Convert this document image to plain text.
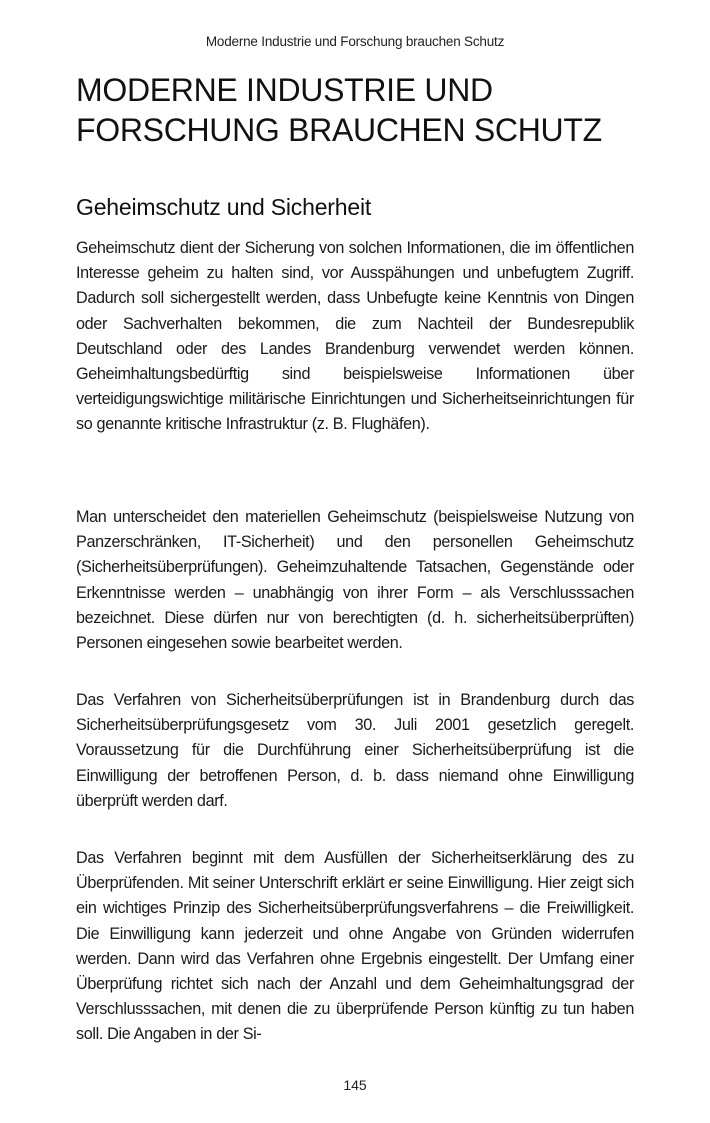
Moderne Industrie und Forschung brauchen Schutz
MODERNE INDUSTRIE UND
FORSCHUNG BRAUCHEN SCHUTZ
Geheimschutz und Sicherheit

Geheimschutz dient der Sicherung von solchen Informationen, die im öffentlichen Interesse geheim zu halten sind, vor Ausspähungen und unbefugtem Zugriff. Dadurch soll sichergestellt werden, dass Unbefugte keine Kenntnis von Dingen oder Sachverhalten bekommen, die zum Nachteil der Bundesrepublik Deutschland oder des Landes Brandenburg verwendet werden können. Geheimhaltungsbedürftig sind beispielsweise Informationen über verteidigungswichtige militärische Einrichtungen und Sicherheitseinrichtungen für so genannte kritische Infrastruktur (z. B. Flughäfen).

Man unterscheidet den materiellen Geheimschutz (beispielsweise Nutzung von Panzerschränken, IT-Sicherheit) und den personellen Geheimschutz (Sicherheitsüberprüfungen). Geheimzuhaltende Tatsachen, Gegenstände oder Erkenntnisse werden – unabhängig von ihrer Form – als Verschlusssachen bezeichnet. Diese dürfen nur von berechtigten (d. h. sicherheitsüberprüften) Personen eingesehen sowie bearbeitet werden.

Das Verfahren von Sicherheitsüberprüfungen ist in Brandenburg durch das Sicherheitsüberprüfungsgesetz vom 30. Juli 2001 gesetzlich geregelt. Voraussetzung für die Durchführung einer Sicherheitsüberprüfung ist die Einwilligung der betroffenen Person, d. b. dass niemand ohne Einwilligung überprüft werden darf.

Das Verfahren beginnt mit dem Ausfüllen der Sicherheitserklärung des zu Überprüfenden. Mit seiner Unterschrift erklärt er seine Einwilligung. Hier zeigt sich ein wichtiges Prinzip des Sicherheitsüberprüfungsverfahrens – die Freiwilligkeit. Die Einwilligung kann jederzeit und ohne Angabe von Gründen widerrufen werden. Dann wird das Verfahren ohne Ergebnis eingestellt. Der Umfang einer Überprüfung richtet sich nach der Anzahl und dem Geheimhaltungsgrad der Verschlusssachen, mit denen die zu überprüfende Person künftig zu tun haben soll. Die Angaben in der Si-

145
